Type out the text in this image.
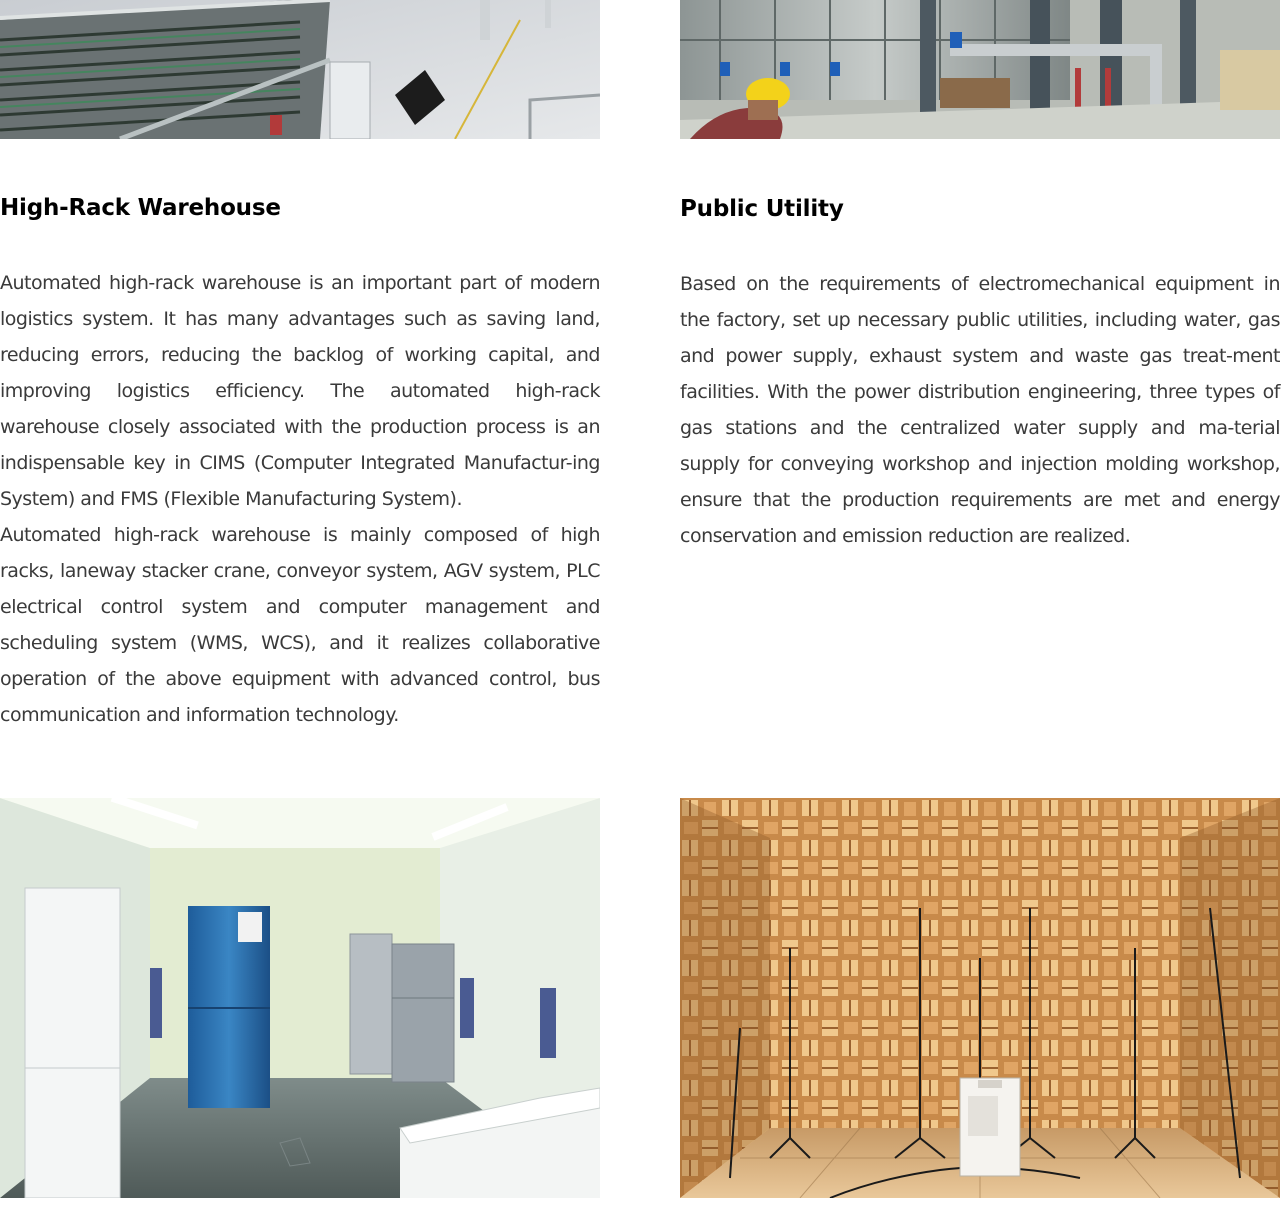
High-Rack Warehouse

Automated high-rack warehouse is an important part of modern logistics system. It has many advantages such as saving land, reducing errors, reducing the backlog of working capital, and improving logistics efficiency. The automated high-rack warehouse closely associated with the production process is an indispensable key in CIMS (Computer Integrated Manufactur-ing System) and FMS (Flexible Manufacturing System).

Automated high-rack warehouse is mainly composed of high racks, laneway stacker crane, conveyor system, AGV system, PLC electrical control system and computer management and scheduling system (WMS, WCS), and it realizes collaborative operation of the above equipment with advanced control, bus communication and information technology.

Public Utility

Based on the requirements of electromechanical equipment in the factory, set up necessary public utilities, including water, gas and power supply, exhaust system and waste gas treat-ment facilities. With the power distribution engineering, three types of gas stations and the centralized water supply and ma-terial supply for conveying workshop and injection molding workshop, ensure that the production requirements are met and energy conservation and emission reduction are realized.
